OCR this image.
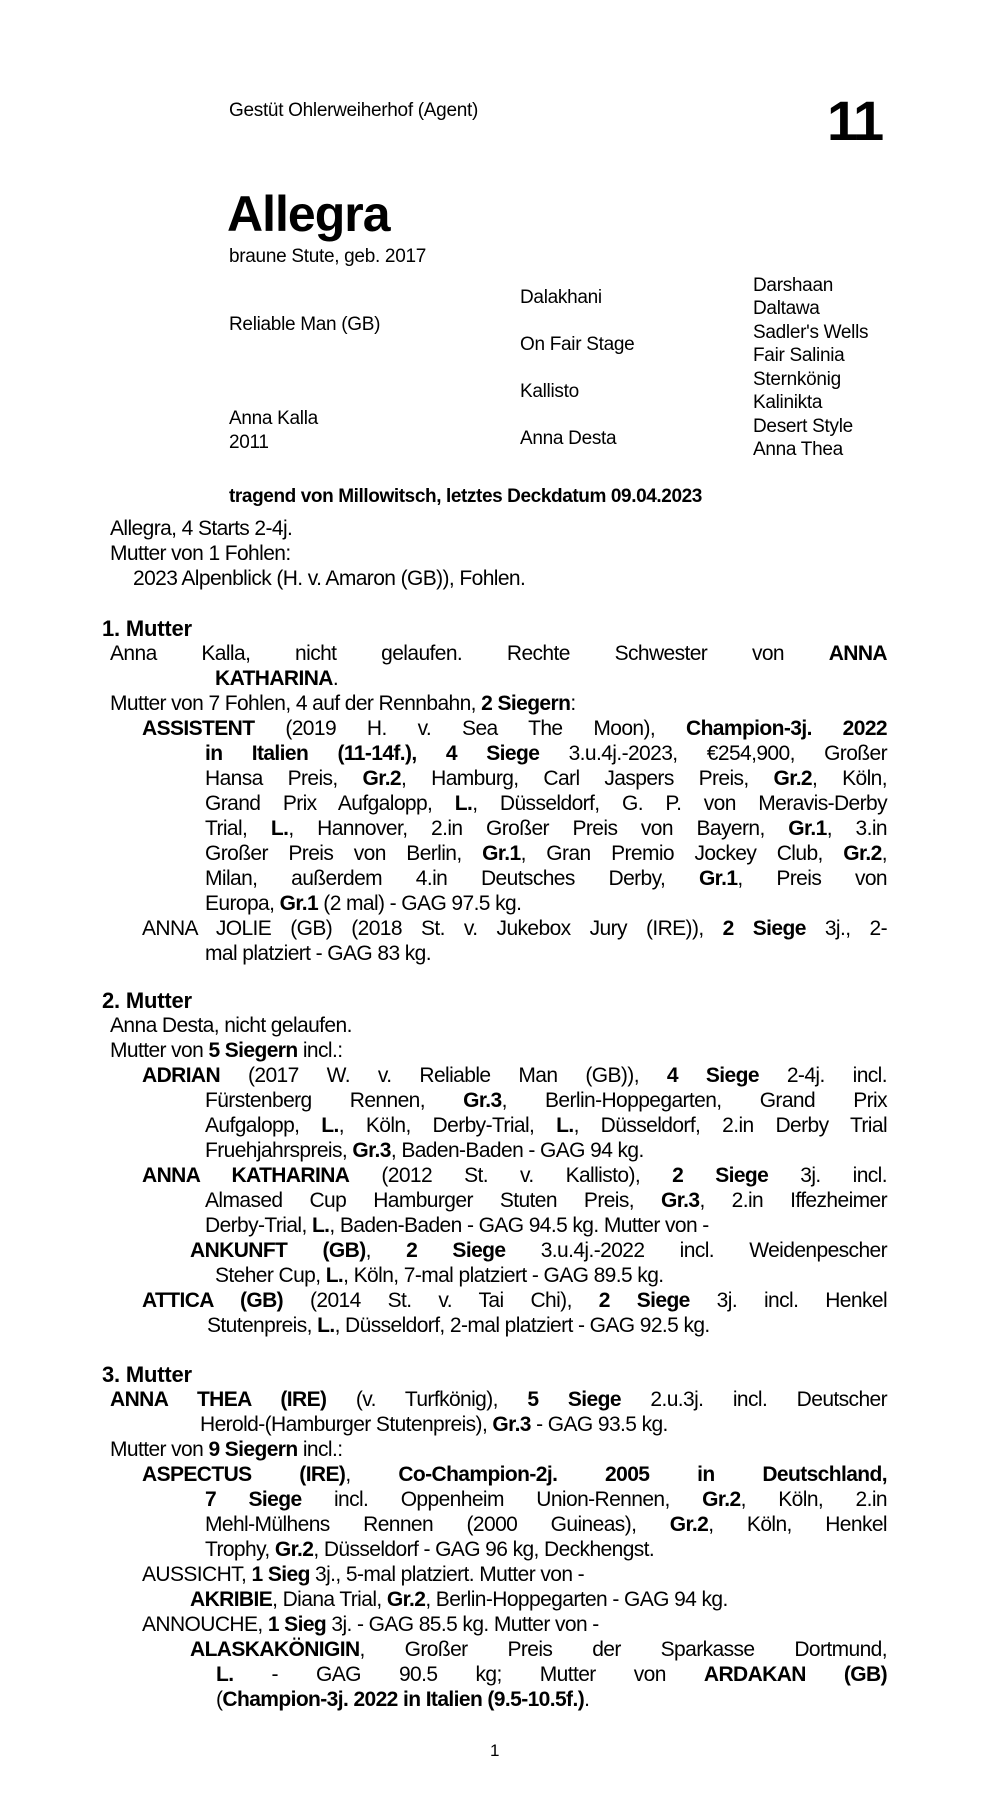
Gestüt Ohlerweiherhof (Agent)	11
Allegra
braune Stute, geb. 2017
Reliable Man (GB)
Anna Kalla
2011
Dalakhani
On Fair Stage
Kallisto
Anna Desta
Darshaan
Daltawa
Sadler's Wells
Fair Salinia
Sternkönig
Kalinikta
Desert Style
Anna Thea
tragend von Millowitsch, letztes Deckdatum 09.04.2023
Allegra, 4 Starts 2-4j.
Mutter von 1 Fohlen:
2023 Alpenblick (H. v. Amaron (GB)), Fohlen.
1. Mutter
Anna Kalla, nicht gelaufen. Rechte Schwester von ANNA
KATHARINA.
Mutter von 7 Fohlen, 4 auf der Rennbahn, 2 Siegern:
ASSISTENT (2019 H. v. Sea The Moon), Champion-3j. 2022
in Italien (11-14f.), 4 Siege 3.u.4j.-2023, €254,900, Großer
Hansa Preis, Gr.2, Hamburg, Carl Jaspers Preis, Gr.2, Köln,
Grand Prix Aufgalopp, L., Düsseldorf, G. P. von Meravis-Derby
Trial, L., Hannover, 2.in Großer Preis von Bayern, Gr.1, 3.in
Großer Preis von Berlin, Gr.1, Gran Premio Jockey Club, Gr.2,
Milan, außerdem 4.in Deutsches Derby, Gr.1, Preis von
Europa, Gr.1 (2 mal) - GAG 97.5 kg.
ANNA JOLIE (GB) (2018 St. v. Jukebox Jury (IRE)), 2 Siege 3j., 2-
mal platziert - GAG 83 kg.
2. Mutter
Anna Desta, nicht gelaufen.
Mutter von 5 Siegern incl.:
ADRIAN (2017 W. v. Reliable Man (GB)), 4 Siege 2-4j. incl.
Fürstenberg Rennen, Gr.3, Berlin-Hoppegarten, Grand Prix
Aufgalopp, L., Köln, Derby-Trial, L., Düsseldorf, 2.in Derby Trial
Fruehjahrspreis, Gr.3, Baden-Baden - GAG 94 kg.
ANNA KATHARINA (2012 St. v. Kallisto), 2 Siege 3j. incl.
Almased Cup Hamburger Stuten Preis, Gr.3, 2.in Iffezheimer
Derby-Trial, L., Baden-Baden - GAG 94.5 kg. Mutter von -
ANKUNFT (GB), 2 Siege 3.u.4j.-2022 incl. Weidenpescher
Steher Cup, L., Köln, 7-mal platziert - GAG 89.5 kg.
ATTICA (GB) (2014 St. v. Tai Chi), 2 Siege 3j. incl. Henkel
Stutenpreis, L., Düsseldorf, 2-mal platziert - GAG 92.5 kg.
3. Mutter
ANNA THEA (IRE) (v. Turfkönig), 5 Siege 2.u.3j. incl. Deutscher
Herold-(Hamburger Stutenpreis), Gr.3 - GAG 93.5 kg.
Mutter von 9 Siegern incl.:
ASPECTUS (IRE), Co-Champion-2j. 2005 in Deutschland,
7 Siege incl. Oppenheim Union-Rennen, Gr.2, Köln, 2.in
Mehl-Mülhens Rennen (2000 Guineas), Gr.2, Köln, Henkel
Trophy, Gr.2, Düsseldorf - GAG 96 kg, Deckhengst.
AUSSICHT, 1 Sieg 3j., 5-mal platziert. Mutter von -
AKRIBIE, Diana Trial, Gr.2, Berlin-Hoppegarten - GAG 94 kg.
ANNOUCHE, 1 Sieg 3j. - GAG 85.5 kg. Mutter von -
ALASKAKÖNIGIN, Großer Preis der Sparkasse Dortmund,
L. - GAG 90.5 kg; Mutter von ARDAKAN (GB)
(Champion-3j. 2022 in Italien (9.5-10.5f.).
1
